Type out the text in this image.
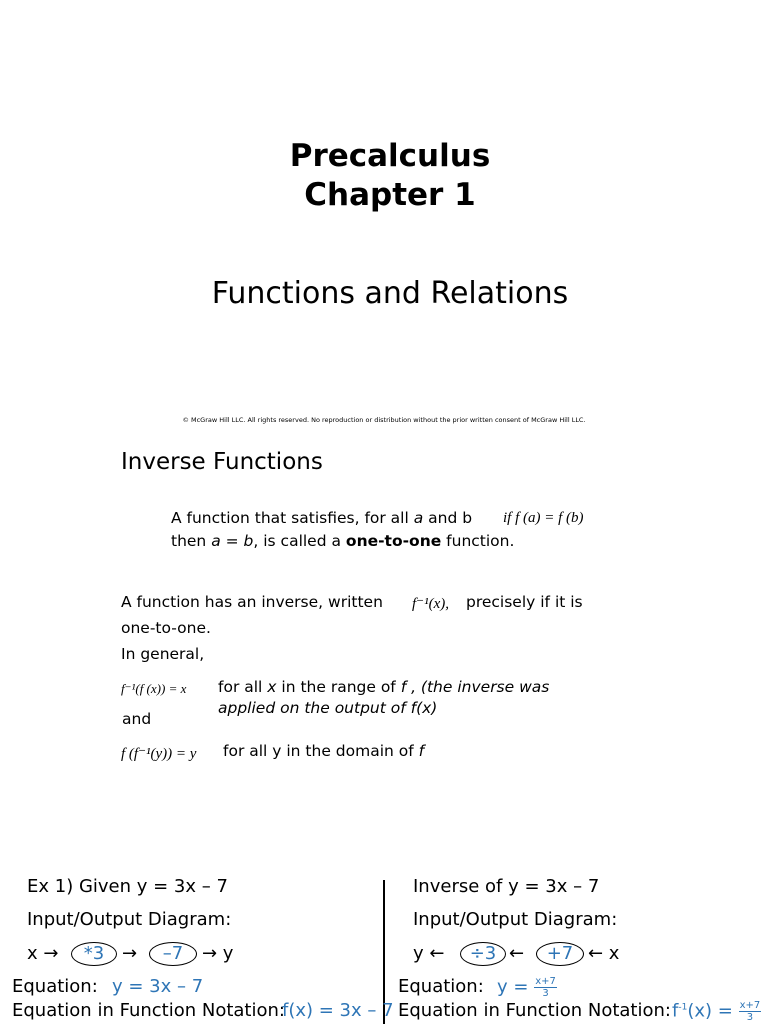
Precalculus
Chapter 1
Functions and Relations
© McGraw Hill LLC. All rights reserved. No reproduction or distribution without the prior written consent of McGraw Hill LLC.
Inverse Functions
A function that satisfies, for all a and b if f (a) = f (b)
then a = b, is called a one-to-one function.
A function has an inverse, written f⁻¹(x), precisely if it is
one-to-one.
In general,
f⁻¹(f (x)) = x for all x in the range of f , (the inverse was
applied on the output of f(x)
and
f (f⁻¹(y)) = y for all y in the domain of f
Ex 1) Given y = 3x – 7
Input/Output Diagram:
x →	*3 →	–7	→ y
Equation: y = 3x – 7
Equation in Function Notation:
f(x) = 3x – 7
Inverse of y = 3x – 7
Input/Output Diagram:
y ←	÷3 ←	+7 ← x
Equation: $y = \frac{x+7}{3}$
Equation in Function Notation: $f^{-1}(x) = \frac{x+7}{3}$
